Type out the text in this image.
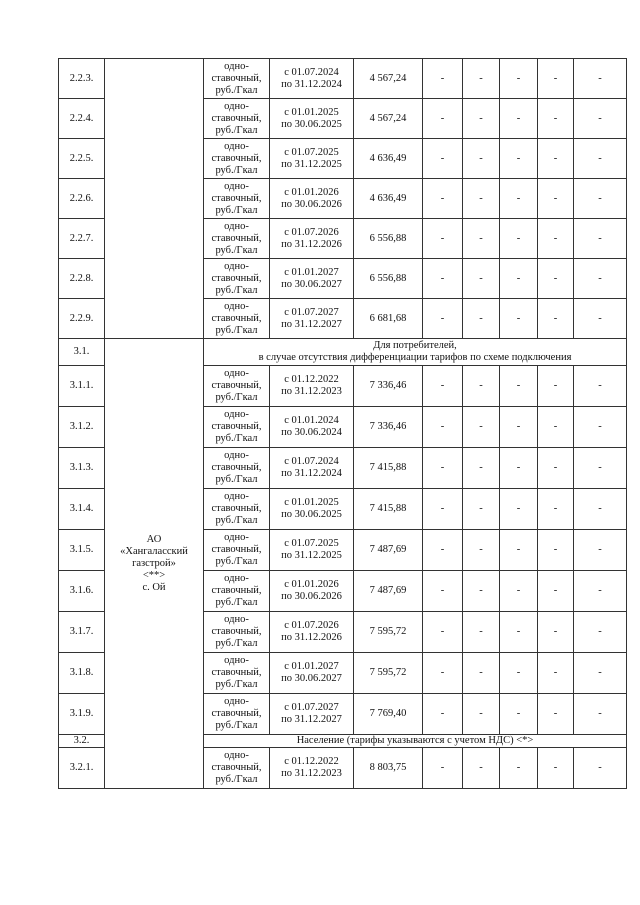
2.2.3.		одно-
ставочный,
руб./Гкал	с 01.07.2024
по 31.12.2024	4 567,24	-	-	-	-	-
2.2.4.		одно-
ставочный,
руб./Гкал	с 01.01.2025
по 30.06.2025	4 567,24	-	-	-	-	-
2.2.5.		одно-
ставочный,
руб./Гкал	с 01.07.2025
по 31.12.2025	4 636,49	-	-	-	-	-
2.2.6.		одно-
ставочный,
руб./Гкал	с 01.01.2026
по 30.06.2026	4 636,49	-	-	-	-	-
2.2.7.		одно-
ставочный,
руб./Гкал	с 01.07.2026
по 31.12.2026	6 556,88	-	-	-	-	-
2.2.8.		одно-
ставочный,
руб./Гкал	с 01.01.2027
по 30.06.2027	6 556,88	-	-	-	-	-
2.2.9.		одно-
ставочный,
руб./Гкал	с 01.07.2027
по 31.12.2027	6 681,68	-	-	-	-	-
3.1.	АО
«Хангаласский
газстрой»
<**>
с. Ой	Для потребителей,
в случае отсутствия дифференциации тарифов по схеме подключения							
3.1.1.		одно-
ставочный,
руб./Гкал	с 01.12.2022
по 31.12.2023	7 336,46	-	-	-	-	-
3.1.2.		одно-
ставочный,
руб./Гкал	с 01.01.2024
по 30.06.2024	7 336,46	-	-	-	-	-
3.1.3.		одно-
ставочный,
руб./Гкал	с 01.07.2024
по 31.12.2024	7 415,88	-	-	-	-	-
3.1.4.		одно-
ставочный,
руб./Гкал	с 01.01.2025
по 30.06.2025	7 415,88	-	-	-	-	-
3.1.5.		одно-
ставочный,
руб./Гкал	с 01.07.2025
по 31.12.2025	7 487,69	-	-	-	-	-
3.1.6.		одно-
ставочный,
руб./Гкал	с 01.01.2026
по 30.06.2026	7 487,69	-	-	-	-	-
3.1.7.		одно-
ставочный,
руб./Гкал	с 01.07.2026
по 31.12.2026	7 595,72	-	-	-	-	-
3.1.8.		одно-
ставочный,
руб./Гкал	с 01.01.2027
по 30.06.2027	7 595,72	-	-	-	-	-
3.1.9.		одно-
ставочный,
руб./Гкал	с 01.07.2027
по 31.12.2027	7 769,40	-	-	-	-	-
3.2.		Население (тарифы указываются с учетом НДС) <*>							
3.2.1.		одно-
ставочный,
руб./Гкал	с 01.12.2022
по 31.12.2023	8 803,75	-	-	-	-	-
